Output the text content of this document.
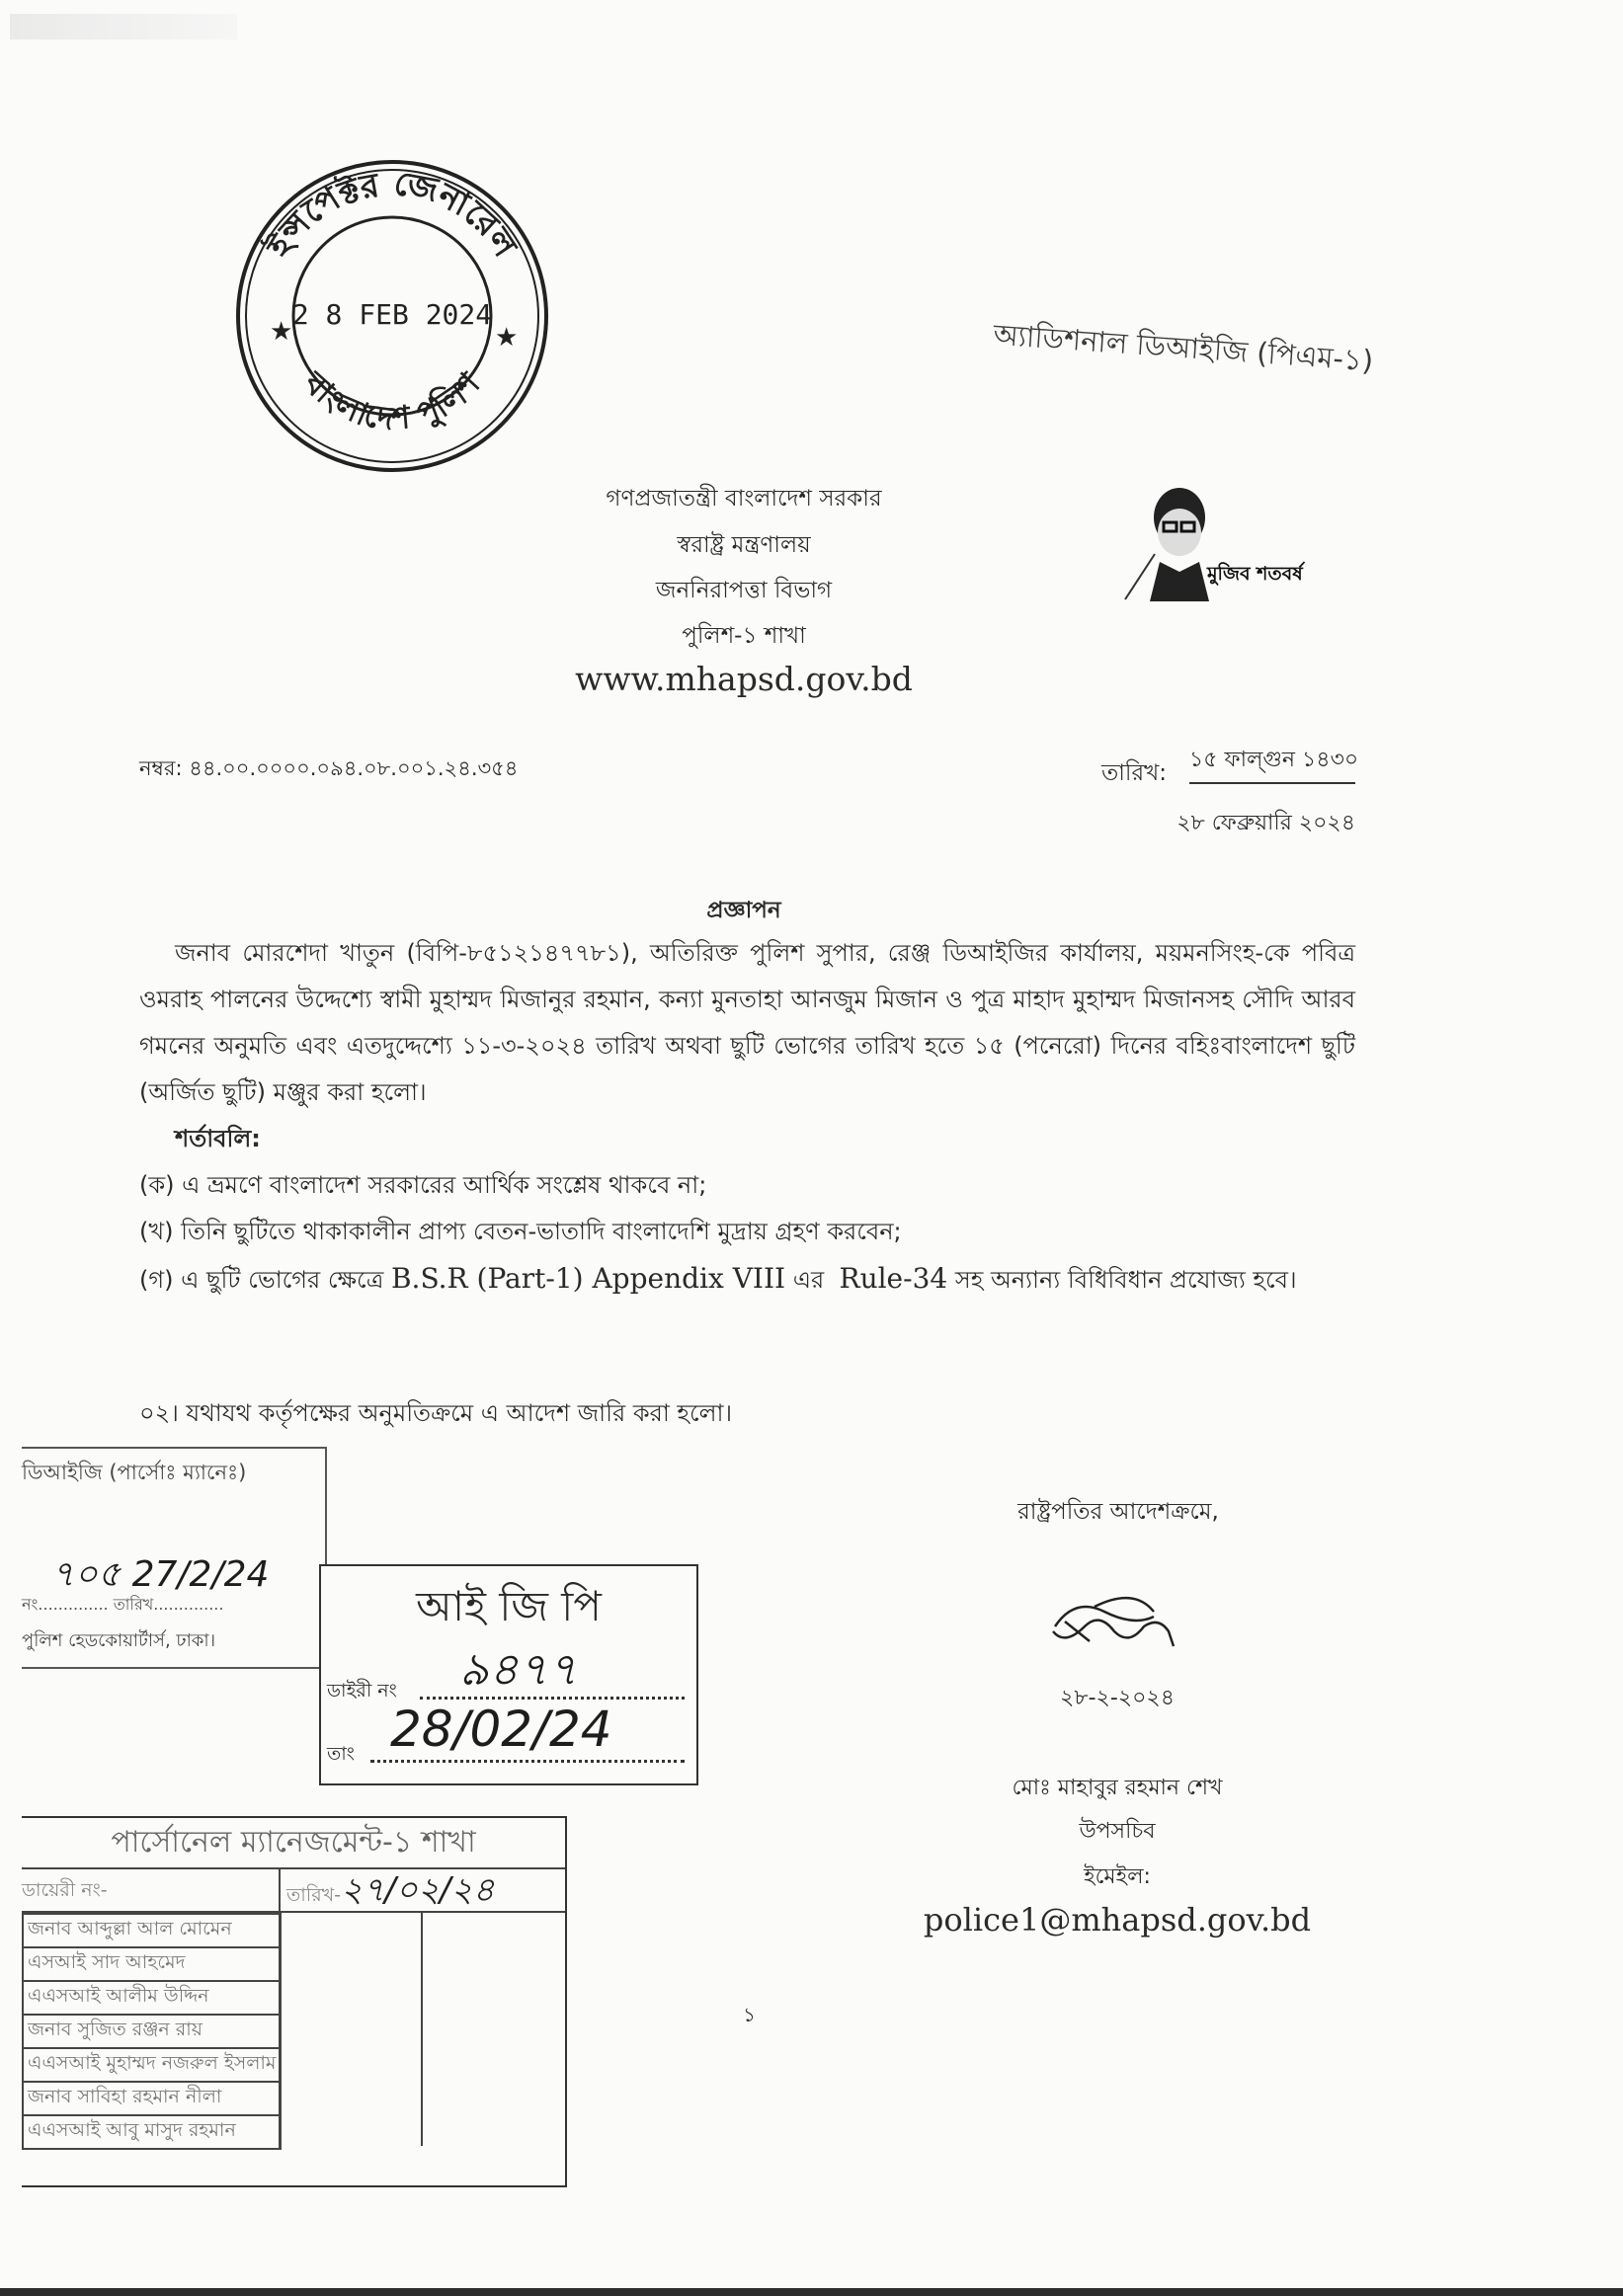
ইন্সপেক্টর জেনারেল
বাংলাদেশ পুলিশ
★	★
2 8 FEB 2024
অ্যাডিশনাল ডিআইজি (পিএম-১)
গণপ্রজাতন্ত্রী বাংলাদেশ সরকার
স্বরাষ্ট্র মন্ত্রণালয়
জননিরাপত্তা বিভাগ
পুলিশ-১ শাখা
www.mhapsd.gov.bd
মুজিব শতবর্ষ
নম্বর: ৪৪.০০.০০০০.০৯৪.০৮.০০১.২৪.৩৫৪	তারিখ:
১৫ ফাল্গুন ১৪৩০
২৮ ফেব্রুয়ারি ২০২৪
প্রজ্ঞাপন

জনাব মোরশেদা খাতুন (বিপি-৮৫১২১৪৭৭৮১), অতিরিক্ত পুলিশ সুপার, রেঞ্জ ডিআইজির কার্যালয়, ময়মনসিংহ-কে পবিত্র ওমরাহ পালনের উদ্দেশ্যে স্বামী মুহাম্মদ মিজানুর রহমান, কন্যা মুনতাহা আনজুম মিজান ও পুত্র মাহাদ মুহাম্মদ মিজানসহ সৌদি আরব গমনের অনুমতি এবং এতদুদ্দেশ্যে ১১-৩-২০২৪ তারিখ অথবা ছুটি ভোগের তারিখ হতে ১৫ (পনেরো) দিনের বহিঃবাংলাদেশ ছুটি (অর্জিত ছুটি) মঞ্জুর করা হলো।

শর্তাবলি:

(ক) এ ভ্রমণে বাংলাদেশ সরকারের আর্থিক সংশ্লেষ থাকবে না;

(খ) তিনি ছুটিতে থাকাকালীন প্রাপ্য বেতন-ভাতাদি বাংলাদেশি মুদ্রায় গ্রহণ করবেন;

(গ) এ ছুটি ভোগের ক্ষেত্রে B.S.R (Part-1) Appendix VIII এর Rule-34 সহ অন্যান্য বিধিবিধান প্রযোজ্য হবে।

০২। যথাযথ কর্তৃপক্ষের অনুমতিক্রমে এ আদেশ জারি করা হলো।
রাষ্ট্রপতির আদেশক্রমে,
২৮-২-২০২৪
মোঃ মাহাবুর রহমান শেখ
উপসচিব
ইমেইল:
police1@mhapsd.gov.bd
১
ডিআইজি (পার্সোঃ ম্যানেঃ)
৭০৫ 27/2/24
নং.............. তারিখ..............
পুলিশ হেডকোয়ার্টার্স, ঢাকা।
আই জি পি
ডাইরী নং ৯৪৭৭
তাং 28/02/24
পার্সোনেল ম্যানেজমেন্ট-১ শাখা
ডায়েরী নং-	তারিখ-২৭/০২/২৪
জনাব আব্দুল্লা আল মোমেন
এসআই সাদ আহমেদ
এএসআই আলীম উদ্দিন
জনাব সুজিত রঞ্জন রায়
এএসআই মুহাম্মদ নজরুল ইসলাম
জনাব সাবিহা রহমান নীলা
এএসআই আবু মাসুদ রহমান
